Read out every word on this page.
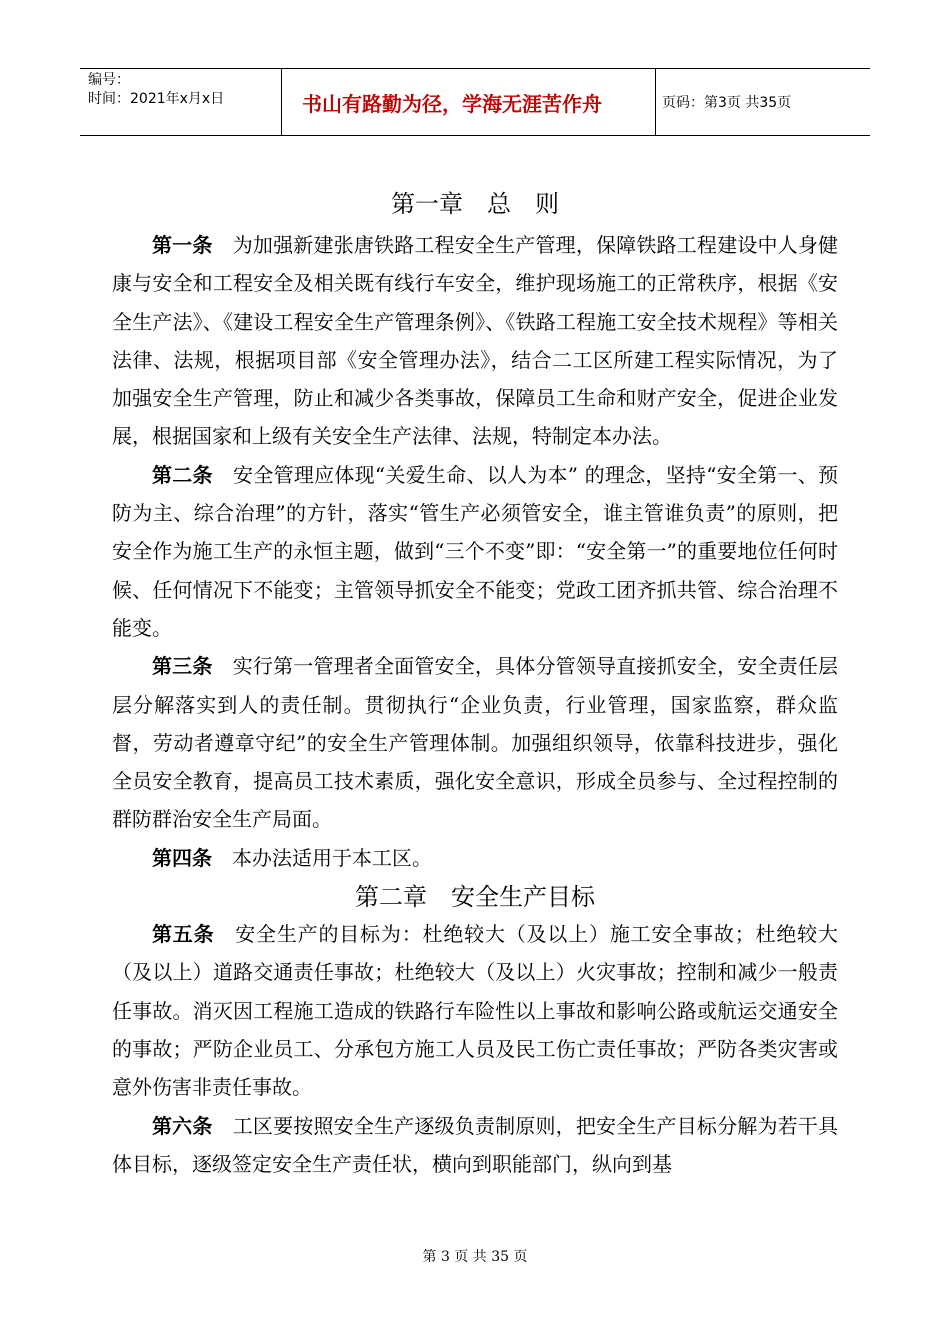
编号：
时间：2021年x月x日	书山有路勤为径，学海无涯苦作舟	页码：第3页 共35页
第一章　总　则

第一条　为加强新建张唐铁路工程安全生产管理，保障铁路工程建设中人身健康与安全和工程安全及相关既有线行车安全，维护现场施工的正常秩序，根据《安全生产法》、《建设工程安全生产管理条例》、《铁路工程施工安全技术规程》等相关法律、法规，根据项目部《安全管理办法》，结合二工区所建工程实际情况，为了加强安全生产管理，防止和减少各类事故，保障员工生命和财产安全，促进企业发展，根据国家和上级有关安全生产法律、法规，特制定本办法。

第二条　安全管理应体现“关爱生命、以人为本” 的理念，坚持“安全第一、预防为主、综合治理”的方针，落实“管生产必须管安全，谁主管谁负责”的原则，把安全作为施工生产的永恒主题，做到“三个不变”即：“安全第一”的重要地位任何时候、任何情况下不能变；主管领导抓安全不能变；党政工团齐抓共管、综合治理不能变。

第三条　实行第一管理者全面管安全，具体分管领导直接抓安全，安全责任层层分解落实到人的责任制。贯彻执行“企业负责，行业管理，国家监察，群众监督，劳动者遵章守纪”的安全生产管理体制。加强组织领导，依靠科技进步，强化全员安全教育，提高员工技术素质，强化安全意识，形成全员参与、全过程控制的群防群治安全生产局面。

第四条　本办法适用于本工区。

第二章　安全生产目标

第五条　安全生产的目标为：杜绝较大（及以上）施工安全事故；杜绝较大（及以上）道路交通责任事故；杜绝较大（及以上）火灾事故；控制和减少一般责任事故。消灭因工程施工造成的铁路行车险性以上事故和影响公路或航运交通安全的事故；严防企业员工、分承包方施工人员及民工伤亡责任事故；严防各类灾害或意外伤害非责任事故。

第六条　工区要按照安全生产逐级负责制原则，把安全生产目标分解为若干具体目标，逐级签定安全生产责任状，横向到职能部门，纵向到基

第 3 页 共 35 页
